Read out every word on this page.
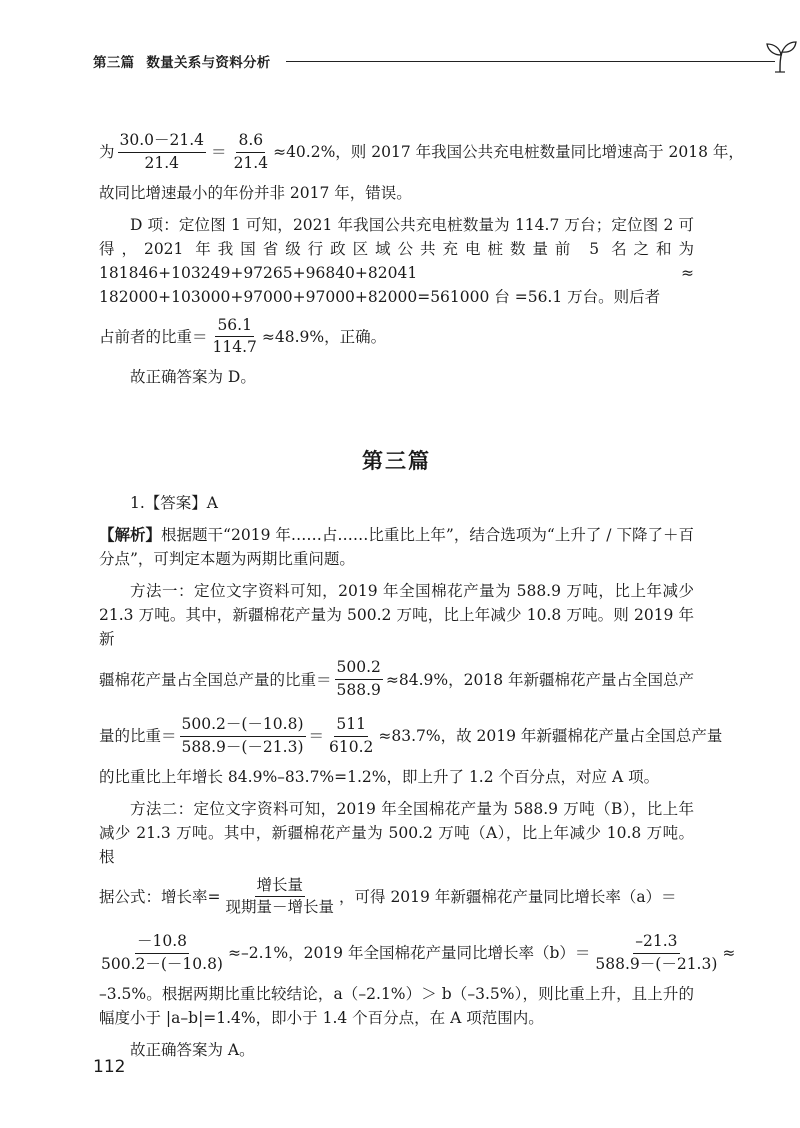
第三篇 数量关系与资料分析
为 $\frac{30.0-21.4}{21.4} = \frac{8.6}{21.4} \approx 40.2\%$，则 2017 年我国公共充电桩数量同比增速高于 2018 年，

故同比增速最小的年份并非 2017 年，错误。

D 项：定位图 1 可知，2021 年我国公共充电桩数量为 114.7 万台；定位图 2 可得，2021 年我国省级行政区域公共充电桩数量前 5 名之和为 181846+103249+97265+96840+82041 ≈ 182000+103000+97000+97000+82000=561000 台 =56.1 万台。则后者

占前者的比重＝ $\frac{56.1}{114.7} \approx 48.9\%$，正确。

故正确答案为 D。

第三篇

1.【答案】A

【解析】根据题干“2019 年……占……比重比上年”，结合选项为“上升了 / 下降了＋百分点”，可判定本题为两期比重问题。

方法一：定位文字资料可知，2019 年全国棉花产量为 588.9 万吨，比上年减少 21.3 万吨。其中，新疆棉花产量为 500.2 万吨，比上年减少 10.8 万吨。则 2019 年新

疆棉花产量占全国总产量的比重＝ $\frac{500.2}{588.9} \approx 84.9\%$，2018 年新疆棉花产量占全国总产
量的比重＝ $\frac{500.2-(-10.8)}{588.9-(-21.3)} = \frac{511}{610.2} \approx 83.7\%$，故 2019 年新疆棉花产量占全国总产量

的比重比上年增长 84.9%–83.7%=1.2%，即上升了 1.2 个百分点，对应 A 项。

方法二：定位文字资料可知，2019 年全国棉花产量为 588.9 万吨（B），比上年减少 21.3 万吨。其中，新疆棉花产量为 500.2 万吨（A），比上年减少 10.8 万吨。根

据公式：增长率= $\frac{\text{增长量}}{\text{现期量－增长量}}$ ，可得 2019 年新疆棉花产量同比增长率（a）＝
$\frac{-10.8}{500.2-(-10.8)} \approx-2.1\%$，2019 年全国棉花产量同比增长率$(b)= \frac{-21.3}{588.9-(-21.3)}$ ≈

–3.5%。根据两期比重比较结论，a（–2.1%）＞ b（–3.5%），则比重上升，且上升的幅度小于 |a–b|=1.4%，即小于 1.4 个百分点，在 A 项范围内。

故正确答案为 A。

112
